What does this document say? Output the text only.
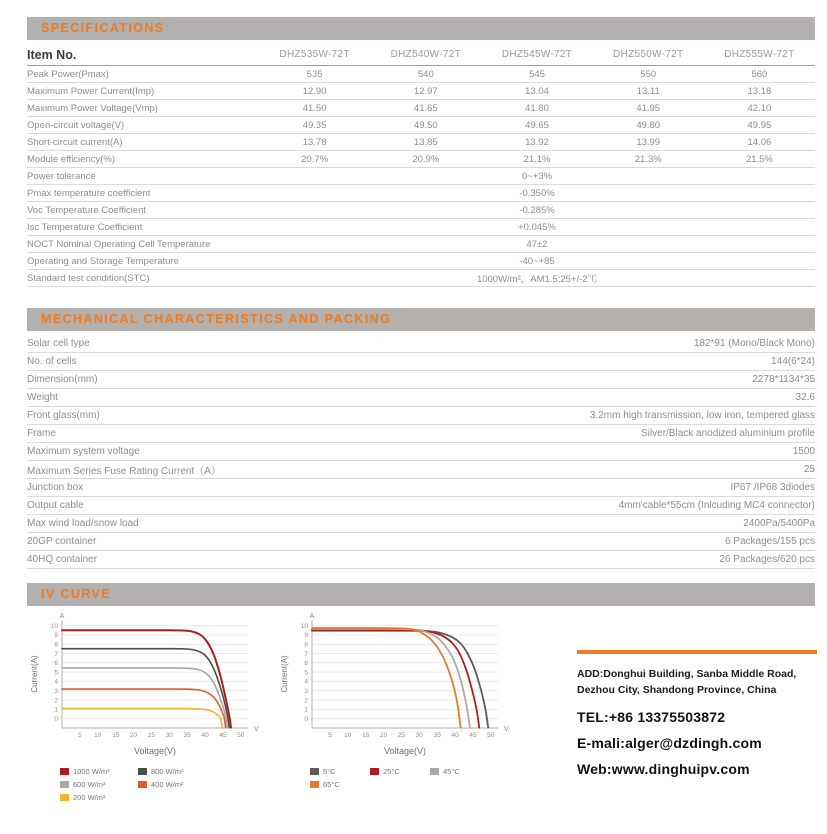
SPECIFICATIONS
Item No.	DHZ535W-72T	DHZ540W-72T	DHZ545W-72T	DHZ550W-72T	DHZ555W-72T
Peak Power(Pmax)	535	540	545	550	560
Maximum Power Current(Imp)	12.90	12.97	13.04	13.11	13.18
Maximum Power Voltage(Vmp)	41.50	41.65	41.80	41.95	42.10
Open-circuit voltage(V)	49.35	49.50	49.65	49.80	49.95
Short-circuit current(A)	13.78	13.85	13.92	13.99	14.06
Module efficiency(%)	20.7%	20.9%	21.1%	21.3%	21.5%
Power tolerance	0~+3%
Pmax temperature coefficient	-0.350%
Voc Temperature Coefficient	-0.285%
Isc Temperature Coefficient	+0.045%
NOCT Nominal Operating Cell Temperature	47±2
Operating and Storage Temperature	-40~+85
Standard test condition(STC)	1000W/m²，AM1.5;25+/-2℃
MECHANICAL CHARACTERISTICS AND PACKING
Solar cell type	182*91 (Mono/Black Mono)
No. of cells	144(6*24)
Dimension(mm)	2278*1134*35
Weight	32.6
Front glass(mm)	3.2mm high transmission, low iron, tempered glass
Frame	Silver/Black anodized aluminium profile
Maximum system voltage	1500
Maximum Series Fuse Rating Current（A）	25
Junction box	IP67 /IP68 3diodes
Output cable	4mm'cable*55cm (Inlcuding MC4 connector)
Max wind load/snow load	2400Pa/5400Pa
20GP container	6 Packages/155 pcs
40HQ container	26 Packages/620 pcs
IV CURVE
0
1
2
3
4
5
6
7
8
9
10
5 10 15 20 25 30 35 40 45 50
A
V
Voltage(V)
Current(A)
1000 W/m²	800 W/m²
600 W/m²	400 W/m²
200 W/m²
0
1
2
3
4
5
6
7
8
9
10
5 10 15 20 25 30 35 40 45 50
A
V
Voltage(V)
Current(A)
5°C	25°C	45°C
65°C
ADD:Donghui Building, Sanba Middle Road,
Dezhou City, Shandong Province, China
TEL:+86 13375503872
E-mali:alger@dzdingh.com
Web:www.dinghuipv.com
